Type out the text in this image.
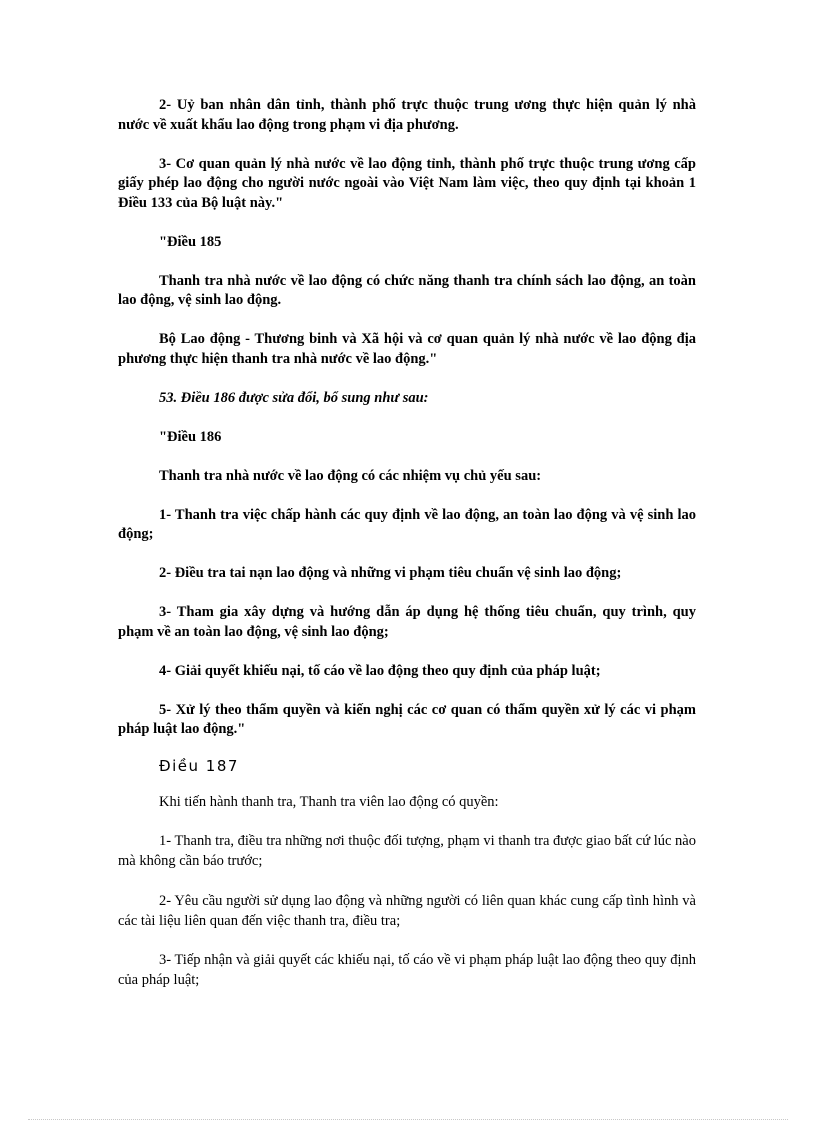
2- Uỷ ban nhân dân tỉnh, thành phố trực thuộc trung ương thực hiện quản lý nhà nước về xuất khẩu lao động trong phạm vi địa phương.

3- Cơ quan quản lý nhà nước về lao động tỉnh, thành phố trực thuộc trung ương cấp giấy phép lao động cho người nước ngoài vào Việt Nam làm việc, theo quy định tại khoản 1 Điều 133 của Bộ luật này."

"Điều 185

Thanh tra nhà nước về lao động có chức năng thanh tra chính sách lao động, an toàn lao động, vệ sinh lao động.

Bộ Lao động - Thương binh và Xã hội và cơ quan quản lý nhà nước về lao động địa phương thực hiện thanh tra nhà nước về lao động."

53. Điều 186 được sửa đổi, bổ sung như sau:

"Điều 186

Thanh tra nhà nước về lao động có các nhiệm vụ chủ yếu sau:

1- Thanh tra việc chấp hành các quy định về lao động, an toàn lao động và vệ sinh lao động;

2- Điều tra tai nạn lao động và những vi phạm tiêu chuẩn vệ sinh lao động;

3- Tham gia xây dựng và hướng dẫn áp dụng hệ thống tiêu chuẩn, quy trình, quy phạm về an toàn lao động, vệ sinh lao động;

4- Giải quyết khiếu nại, tố cáo về lao động theo quy định của pháp luật;

5- Xử lý theo thẩm quyền và kiến nghị các cơ quan có thẩm quyền xử lý các vi phạm pháp luật lao động."

Điều 187

Khi tiến hành thanh tra, Thanh tra viên lao động có quyền:

1- Thanh tra, điều tra những nơi thuộc đối tượng, phạm vi thanh tra được giao bất cứ lúc nào mà không cần báo trước;

2- Yêu cầu người sử dụng lao động và những người có liên quan khác cung cấp tình hình và các tài liệu liên quan đến việc thanh tra, điều tra;

3- Tiếp nhận và giải quyết các khiếu nại, tố cáo về vi phạm pháp luật lao động theo quy định của pháp luật;
